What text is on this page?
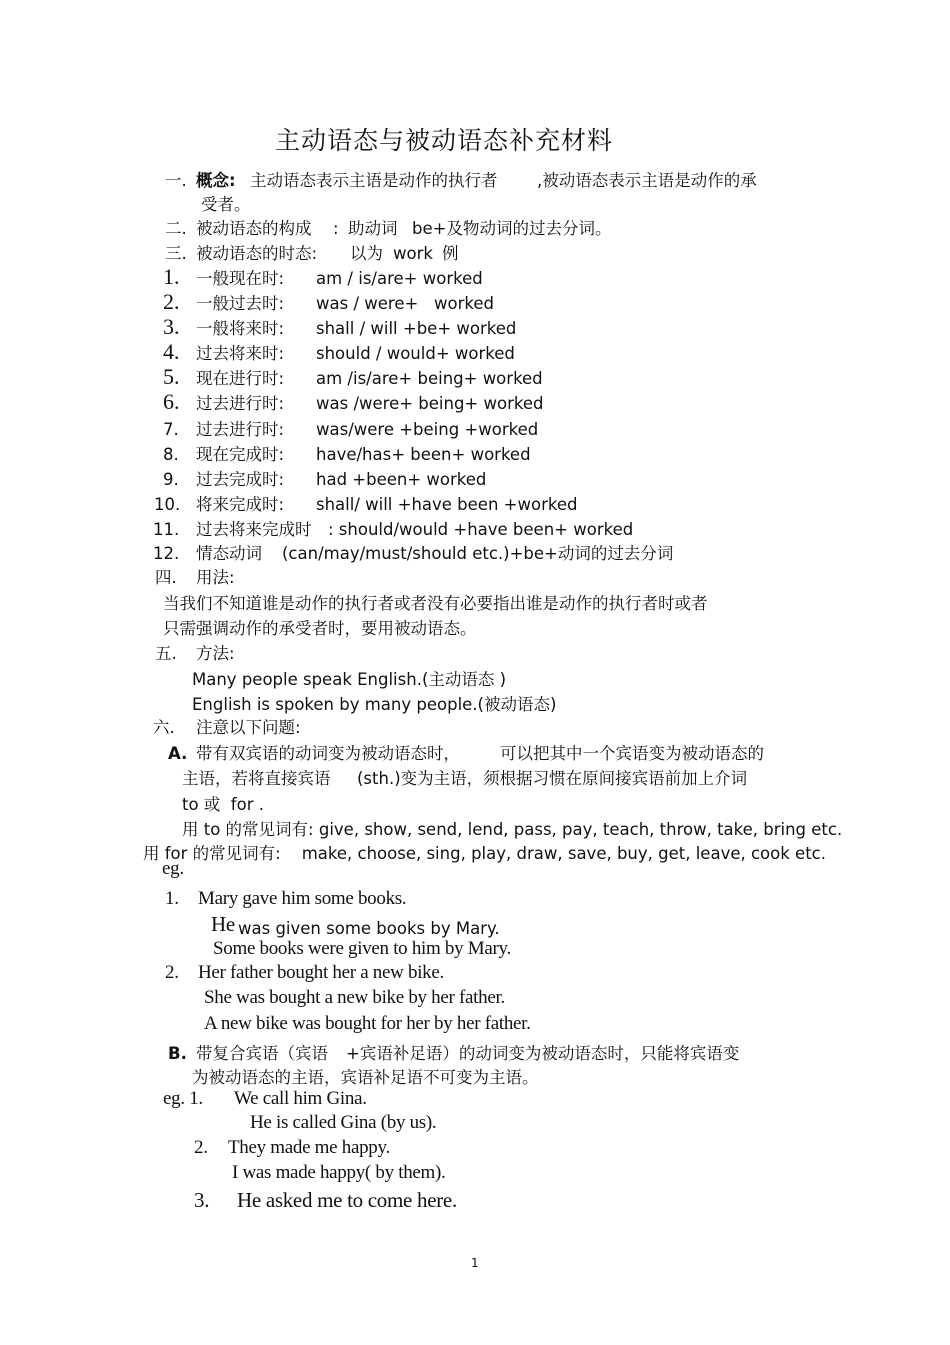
主动语态与被动语态补充材料
一. 概念: 主动语态表示主语是动作的执行者 ,被动语态表示主语是动作的承
受者。
二. 被动语态的构成 : 助动词 be+及物动词的过去分词。
三. 被动语态的时态: 以为 work 例
1. 一般现在时: am / is/are+ worked
2. 一般过去时: was / were+   worked
3. 一般将来时: shall / will +be+ worked
4. 过去将来时: should / would+ worked
5. 现在进行时: am /is/are+ being+ worked
6. 过去进行时: was /were+ being+ worked
7. 过去进行时: was/were +being +worked
8. 现在完成时: have/has+ been+ worked
9. 过去完成时: had +been+ worked
10. 将来完成时: shall/ will +have been +worked
11. 过去将来完成时 : should/would +have been+ worked
12. 情态动词 (can/may/must/should etc.)+be+动词的过去分词
四. 用法:
当我们不知道谁是动作的执行者或者没有必要指出谁是动作的执行者时或者
只需强调动作的承受者时，要用被动语态。
五. 方法:
Many people speak English.(主动语态 )
English is spoken by many people.(被动语态)
六. 注意以下问题:
A. 带有双宾语的动词变为被动语态时， 可以把其中一个宾语变为被动语态的
主语，若将直接宾语 (sth.)变为主语，须根据习惯在原间接宾语前加上介词
to 或  for .
用 to 的常见词有: give, show, send, lend, pass, pay, teach, throw, take, bring etc.
用 for 的常见词有:    make, choose, sing, play, draw, save, buy, get, leave, cook etc.
eg.
1. Mary gave him some books.
He was given some books by Mary.
Some books were given to him by Mary.
2. Her father bought her a new bike.
She was bought a new bike by her father.
A new bike was bought for her by her father.
B. 带复合宾语（宾语 +宾语补足语）的动词变为被动语态时，只能将宾语变
为被动语态的主语，宾语补足语不可变为主语。
eg. 1. We call him Gina.
He is called Gina (by us).
2. They made me happy.
I was made happy( by them).
3. He asked me to come here.
1
